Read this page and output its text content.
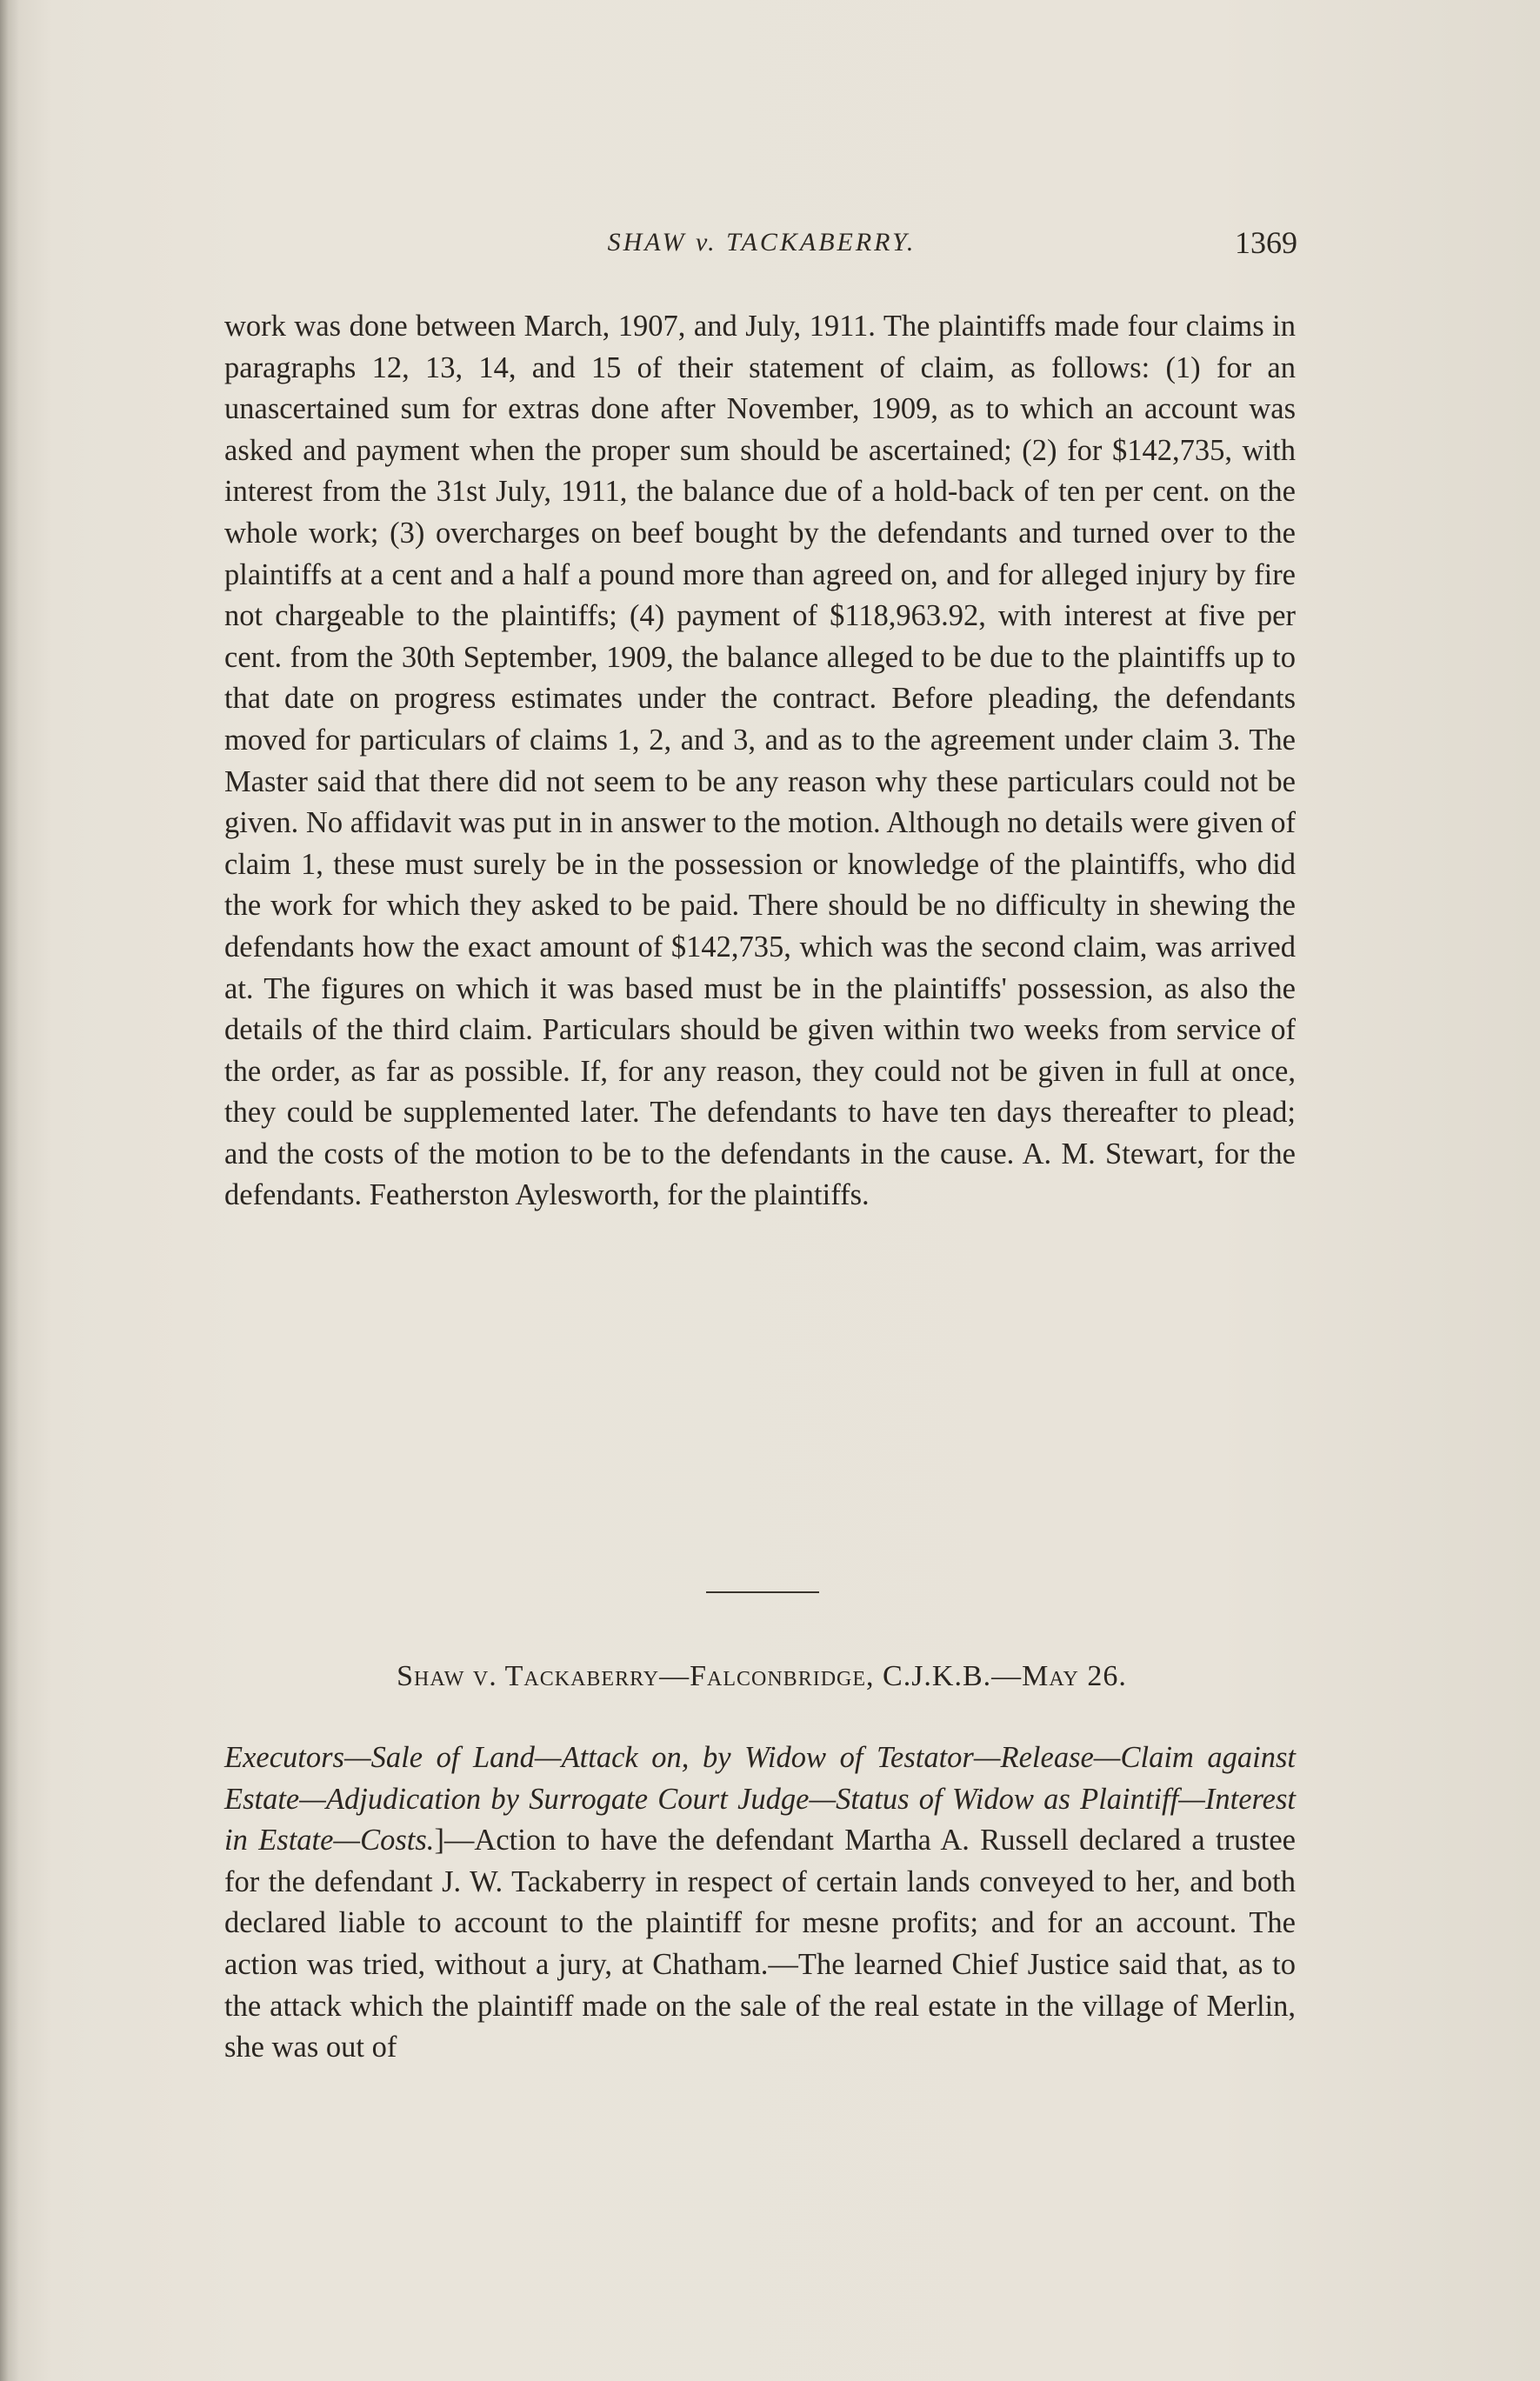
SHAW v. TACKABERRY.	1369

work was done between March, 1907, and July, 1911. The plaintiffs made four claims in paragraphs 12, 13, 14, and 15 of their statement of claim, as follows: (1) for an unascertained sum for extras done after November, 1909, as to which an account was asked and payment when the proper sum should be ascertained; (2) for $142,735, with interest from the 31st July, 1911, the balance due of a hold-back of ten per cent. on the whole work; (3) overcharges on beef bought by the defendants and turned over to the plaintiffs at a cent and a half a pound more than agreed on, and for alleged injury by fire not chargeable to the plaintiffs; (4) payment of $118,963.92, with interest at five per cent. from the 30th September, 1909, the balance alleged to be due to the plaintiffs up to that date on progress estimates under the contract. Before pleading, the defendants moved for particulars of claims 1, 2, and 3, and as to the agreement under claim 3. The Master said that there did not seem to be any reason why these particulars could not be given. No affidavit was put in in answer to the motion. Although no details were given of claim 1, these must surely be in the possession or knowledge of the plaintiffs, who did the work for which they asked to be paid. There should be no difficulty in shewing the defendants how the exact amount of $142,735, which was the second claim, was arrived at. The figures on which it was based must be in the plaintiffs' possession, as also the details of the third claim. Particulars should be given within two weeks from service of the order, as far as possible. If, for any reason, they could not be given in full at once, they could be supplemented later. The defendants to have ten days thereafter to plead; and the costs of the motion to be to the defendants in the cause. A. M. Stewart, for the defendants. Featherston Aylesworth, for the plaintiffs.

Shaw v. Tackaberry—Falconbridge, C.J.K.B.—May 26.

Executors—Sale of Land—Attack on, by Widow of Testator—Release—Claim against Estate—Adjudication by Surrogate Court Judge—Status of Widow as Plaintiff—Interest in Estate—Costs.]—Action to have the defendant Martha A. Russell declared a trustee for the defendant J. W. Tackaberry in respect of certain lands conveyed to her, and both declared liable to account to the plaintiff for mesne profits; and for an account. The action was tried, without a jury, at Chatham.—The learned Chief Justice said that, as to the attack which the plaintiff made on the sale of the real estate in the village of Merlin, she was out of
